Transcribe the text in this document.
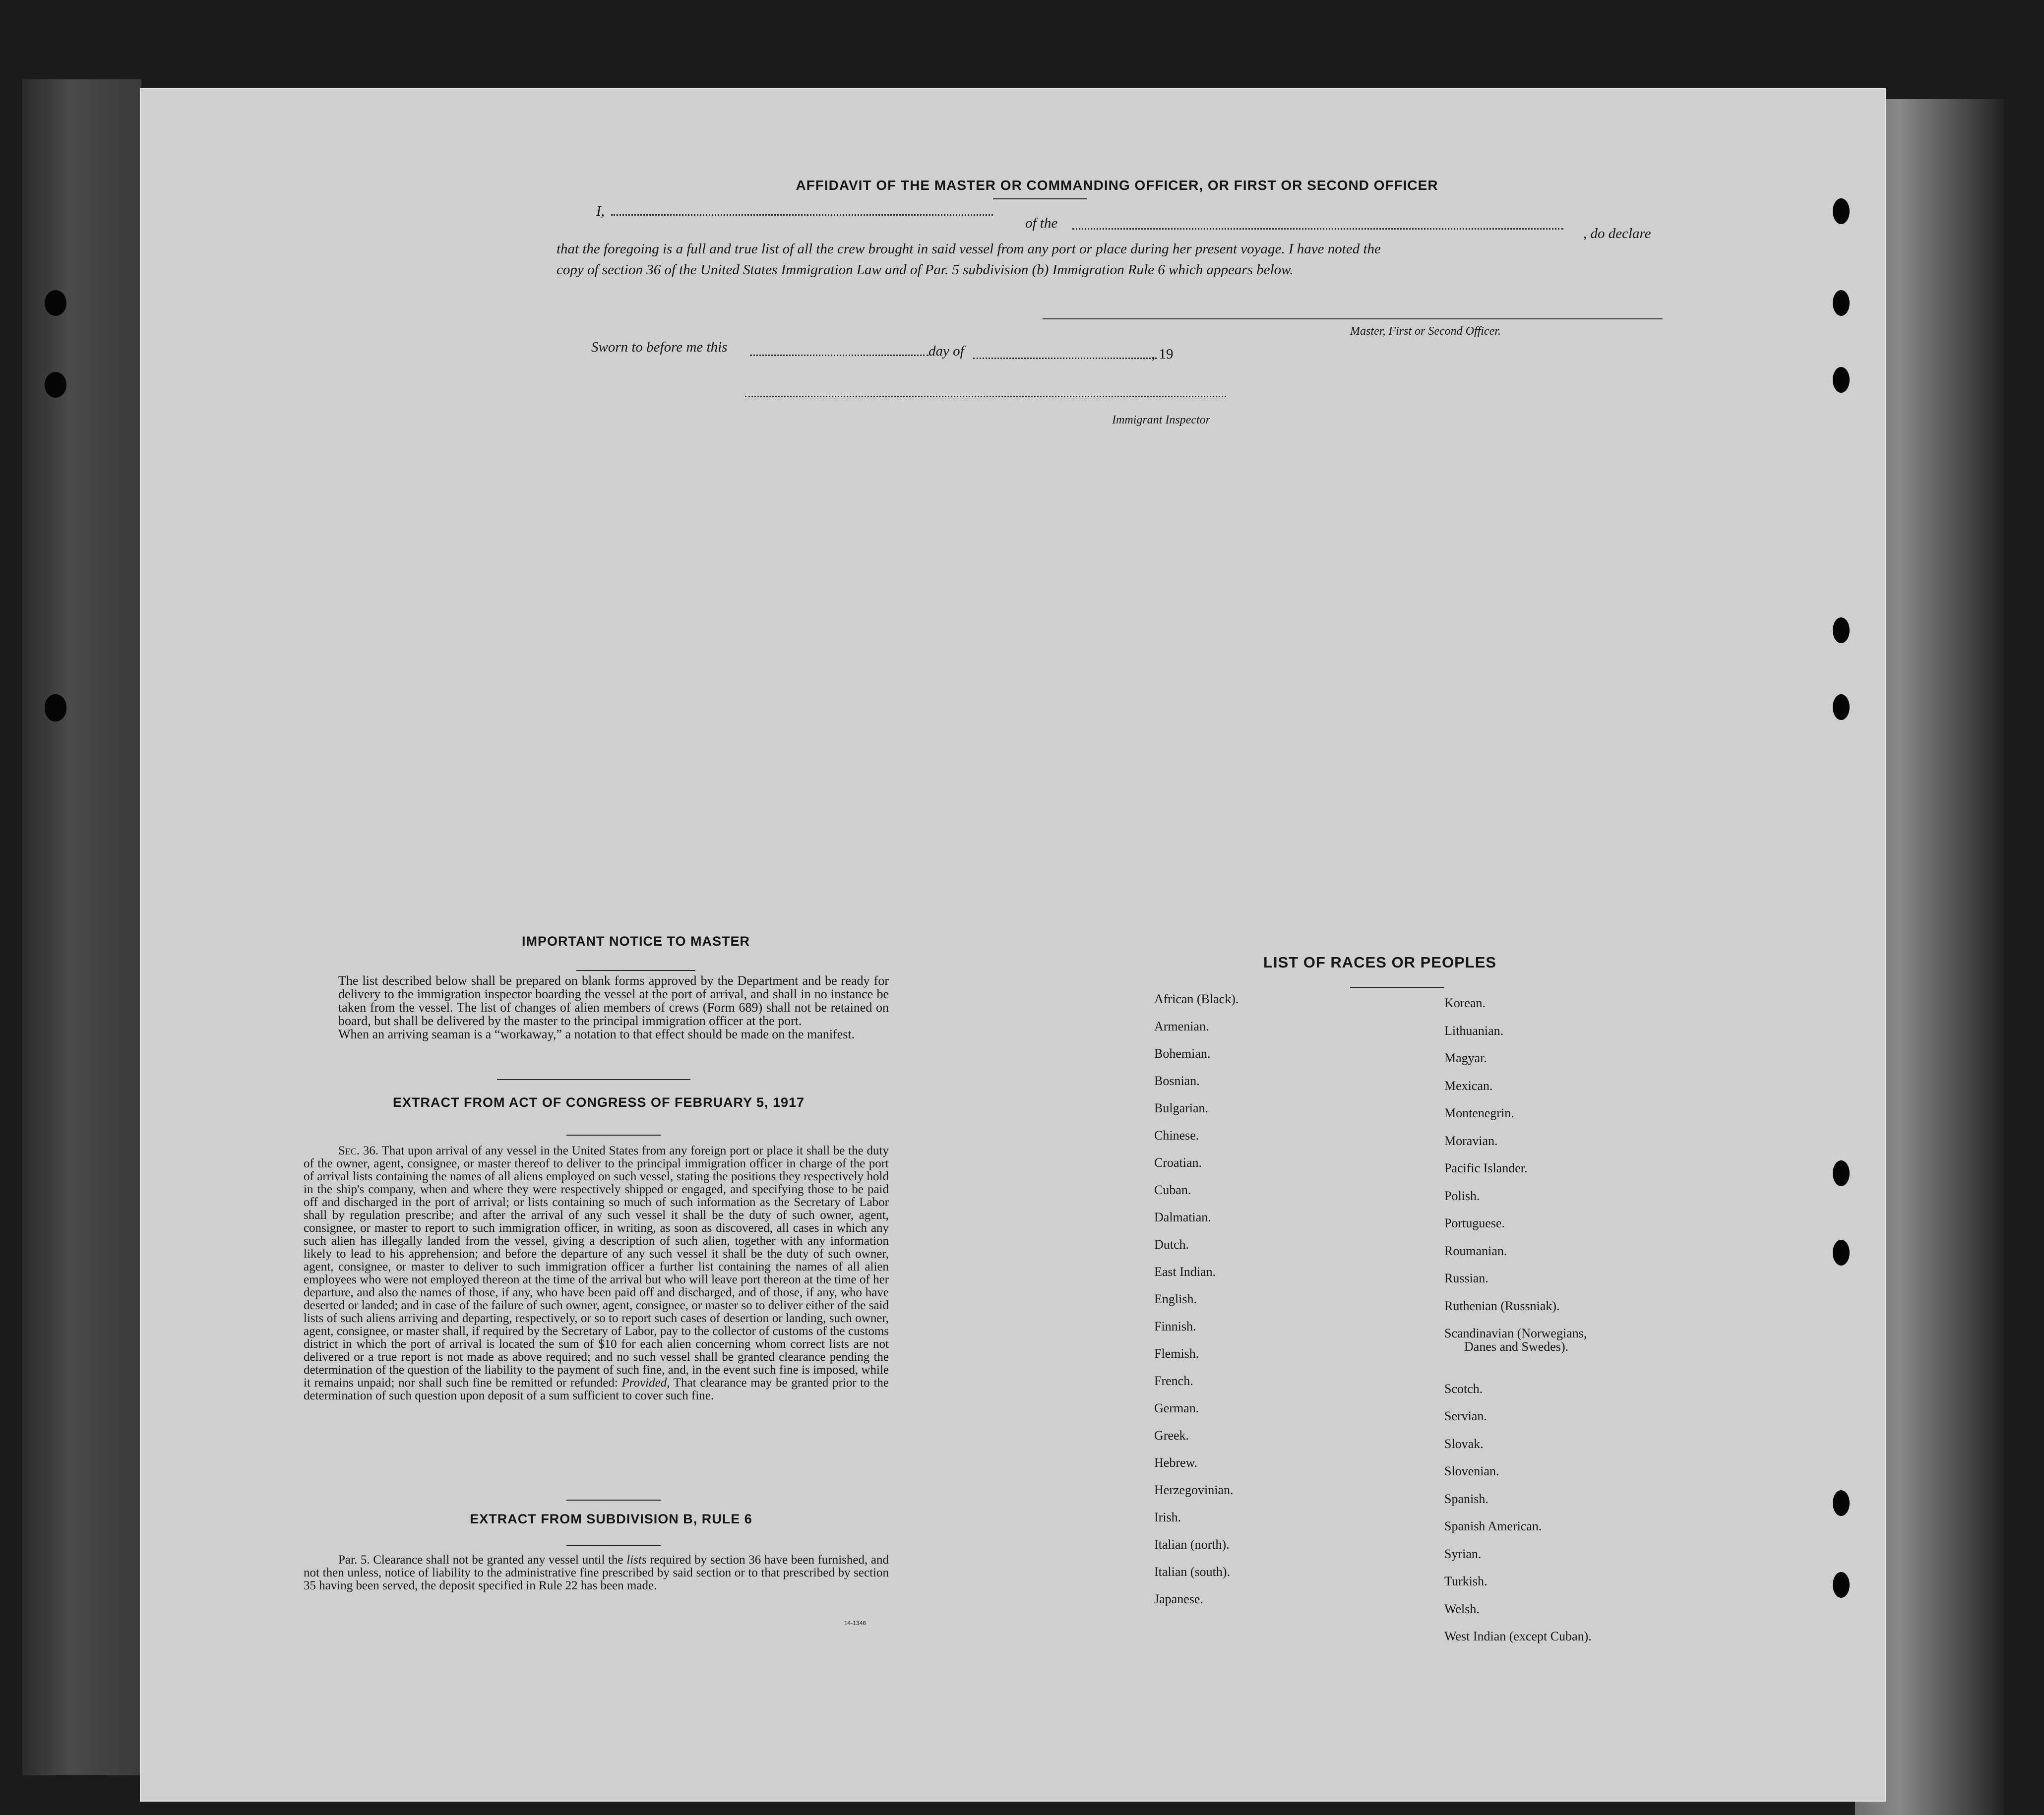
AFFIDAVIT OF THE MASTER OR COMMANDING OFFICER, OR FIRST OR SECOND OFFICER
I,
of the
, do declare
that the foregoing is a full and true list of all the crew brought in said vessel from any port or place during her present voyage. I have noted the
copy of section 36 of the United States Immigration Law and of Par. 5 subdivision (b) Immigration Rule 6 which appears below.
Master, First or Second Officer.
Sworn to before me this	day of	, 19
Immigrant Inspector
IMPORTANT NOTICE TO MASTER
The list described below shall be prepared on blank forms approved by the Department and be ready for delivery to the immigration inspector boarding the vessel at the port of arrival, and shall in no instance be taken from the vessel. The list of changes of alien members of crews (Form 689) shall not be retained on board, but shall be delivered by the master to the principal immigration officer at the port.
When an arriving seaman is a “workaway,” a notation to that effect should be made on the manifest.
EXTRACT FROM ACT OF CONGRESS OF FEBRUARY 5, 1917
Sec. 36. That upon arrival of any vessel in the United States from any foreign port or place it shall be the duty of the owner, agent, consignee, or master thereof to deliver to the principal immigration officer in charge of the port of arrival lists containing the names of all aliens employed on such vessel, stating the positions they respectively hold in the ship's company, when and where they were respectively shipped or engaged, and specifying those to be paid off and discharged in the port of arrival; or lists containing so much of such information as the Secretary of Labor shall by regulation prescribe; and after the arrival of any such vessel it shall be the duty of such owner, agent, consignee, or master to report to such immigration officer, in writing, as soon as discovered, all cases in which any such alien has illegally landed from the vessel, giving a description of such alien, together with any information likely to lead to his apprehension; and before the departure of any such vessel it shall be the duty of such owner, agent, consignee, or master to deliver to such immigration officer a further list containing the names of all alien employees who were not employed thereon at the time of the arrival but who will leave port thereon at the time of her departure, and also the names of those, if any, who have been paid off and discharged, and of those, if any, who have deserted or landed; and in case of the failure of such owner, agent, consignee, or master so to deliver either of the said lists of such aliens arriving and departing, respectively, or so to report such cases of desertion or landing, such owner, agent, consignee, or master shall, if required by the Secretary of Labor, pay to the collector of customs of the customs district in which the port of arrival is located the sum of $10 for each alien concerning whom correct lists are not delivered or a true report is not made as above required; and no such vessel shall be granted clearance pending the determination of the question of the liability to the payment of such fine, and, in the event such fine is imposed, while it remains unpaid; nor shall such fine be remitted or refunded: Provided, That clearance may be granted prior to the determination of such question upon deposit of a sum sufficient to cover such fine.
EXTRACT FROM SUBDIVISION B, RULE 6
Par. 5. Clearance shall not be granted any vessel until the lists required by section 36 have been furnished, and not then unless, notice of liability to the administrative fine prescribed by said section or to that prescribed by section 35 having been served, the deposit specified in Rule 22 has been made.
14-1346
LIST OF RACES OR PEOPLES
African (Black).
Armenian.
Bohemian.
Bosnian.
Bulgarian.
Chinese.
Croatian.
Cuban.
Dalmatian.
Dutch.
East Indian.
English.
Finnish.
Flemish.
French.
German.
Greek.
Hebrew.
Herzegovinian.
Irish.
Italian (north).
Italian (south).
Japanese.
Korean.
Lithuanian.
Magyar.
Mexican.
Montenegrin.
Moravian.
Pacific Islander.
Polish.
Portuguese.
Roumanian.
Russian.
Ruthenian (Russniak).
Scandinavian (Norwegians,
Danes and Swedes).
Scotch.
Servian.
Slovak.
Slovenian.
Spanish.
Spanish American.
Syrian.
Turkish.
Welsh.
West Indian (except Cuban).
